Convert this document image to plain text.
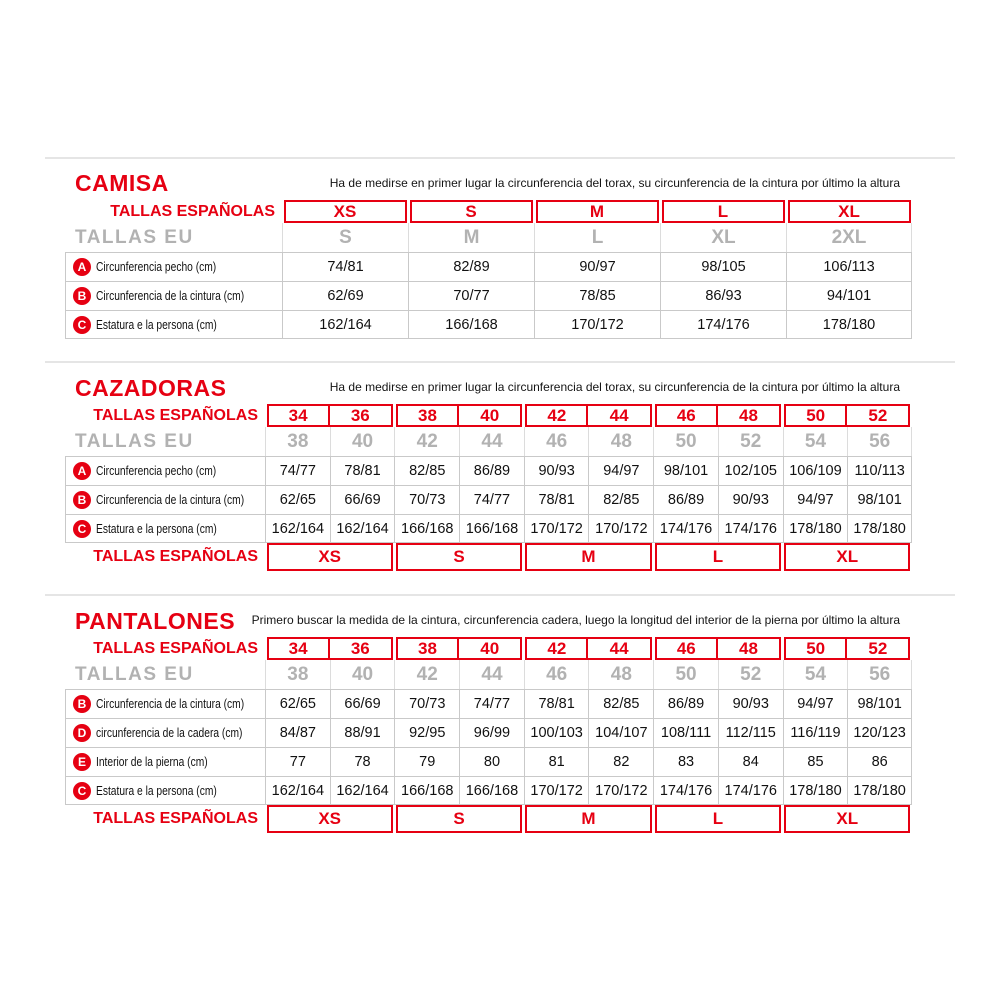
CAMISA	Ha de medirse en primer lugar la circunferencia del torax, su circunferencia de la cintura por último la altura
TALLAS ESPAÑOLAS	XS	S	M	L	XL
TALLAS EU	S	M	L	XL	2XL
A Circunferencia pecho (cm)	74/81	82/89	90/97	98/105	106/113
B Circunferencia de la cintura (cm)	62/69	70/77	78/85	86/93	94/101
C Estatura e la persona (cm)	162/164	166/168	170/172	174/176	178/180
CAZADORAS	Ha de medirse en primer lugar la circunferencia del torax, su circunferencia de la cintura por último la altura
TALLAS ESPAÑOLAS	34	36	38	40	42	44	46	48	50	52
TALLAS EU	38	40	42	44	46	48	50	52	54	56
A Circunferencia pecho (cm)	74/77	78/81	82/85	86/89	90/93	94/97	98/101	102/105 106/109 110/113
B Circunferencia de la cintura (cm)	62/65	66/69	70/73	74/77	78/81	82/85	86/89	90/93	94/97	98/101
C Estatura e la persona (cm)	162/164 162/164 166/168 166/168 170/172 170/172 174/176 174/176 178/180 178/180
TALLAS ESPAÑOLAS	XS	S	M	L	XL
PANTALONES Primero buscar la medida de la cintura, circunferencia cadera, luego la longitud del interior de la pierna por último la altura
TALLAS ESPAÑOLAS	34	36	38	40	42	44	46	48	50	52
TALLAS EU	38	40	42	44	46	48	50	52	54	56
B Circunferencia de la cintura (cm)	62/65	66/69	70/73	74/77	78/81	82/85	86/89	90/93	94/97	98/101
D circunferencia de la cadera (cm)	84/87	88/91	92/95	96/99	100/103 104/107 108/111 112/115 116/119 120/123
E Interior de la pierna (cm)	77	78	79	80	81	82	83	84	85	86
C Estatura e la persona (cm)	162/164 162/164 166/168 166/168 170/172 170/172 174/176 174/176 178/180 178/180
TALLAS ESPAÑOLAS	XS	S	M	L	XL
